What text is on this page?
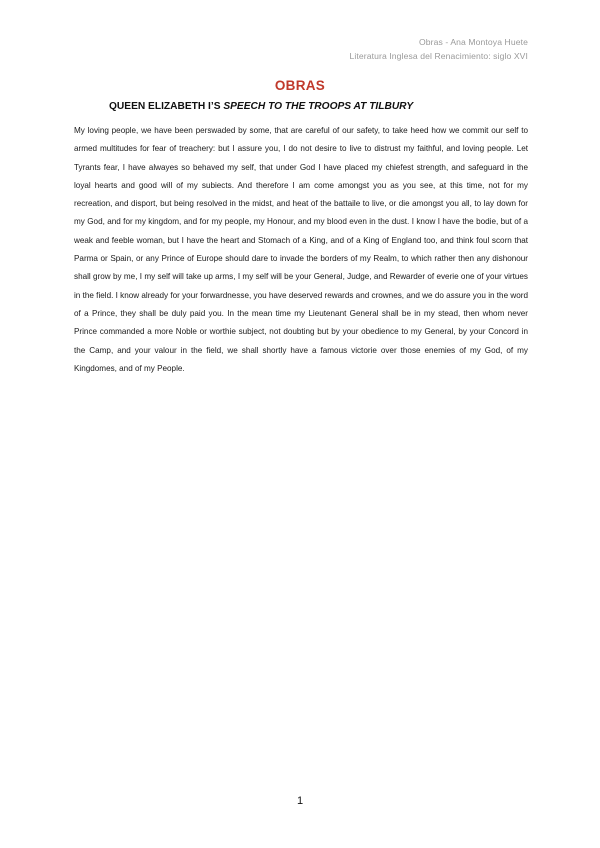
Obras - Ana Montoya Huete
Literatura Inglesa del Renacimiento: siglo XVI
OBRAS
QUEEN ELIZABETH I’S SPEECH TO THE TROOPS AT TILBURY

My loving people, we have been perswaded by some, that are careful of our safety, to take heed how we commit our self to armed multitudes for fear of treachery: but I assure you, I do not desire to live to distrust my faithful, and loving people. Let Tyrants fear, I have alwayes so behaved my self, that under God I have placed my chiefest strength, and safeguard in the loyal hearts and good will of my subiects. And therefore I am come amongst you as you see, at this time, not for my recreation, and disport, but being resolved in the midst, and heat of the battaile to live, or die amongst you all, to lay down for my God, and for my kingdom, and for my people, my Honour, and my blood even in the dust. I know I have the bodie, but of a weak and feeble woman, but I have the heart and Stomach of a King, and of a King of England too, and think foul scorn that Parma or Spain, or any Prince of Europe should dare to invade the borders of my Realm, to which rather then any dishonour shall grow by me, I my self will take up arms, I my self will be your General, Judge, and Rewarder of everie one of your virtues in the field. I know already for your forwardnesse, you have deserved rewards and crownes, and we do assure you in the word of a Prince, they shall be duly paid you. In the mean time my Lieutenant General shall be in my stead, then whom never Prince commanded a more Noble or worthie subject, not doubting but by your obedience to my General, by your Concord in the Camp, and your valour in the field, we shall shortly have a famous victorie over those enemies of my God, of my Kingdomes, and of my People.

1
